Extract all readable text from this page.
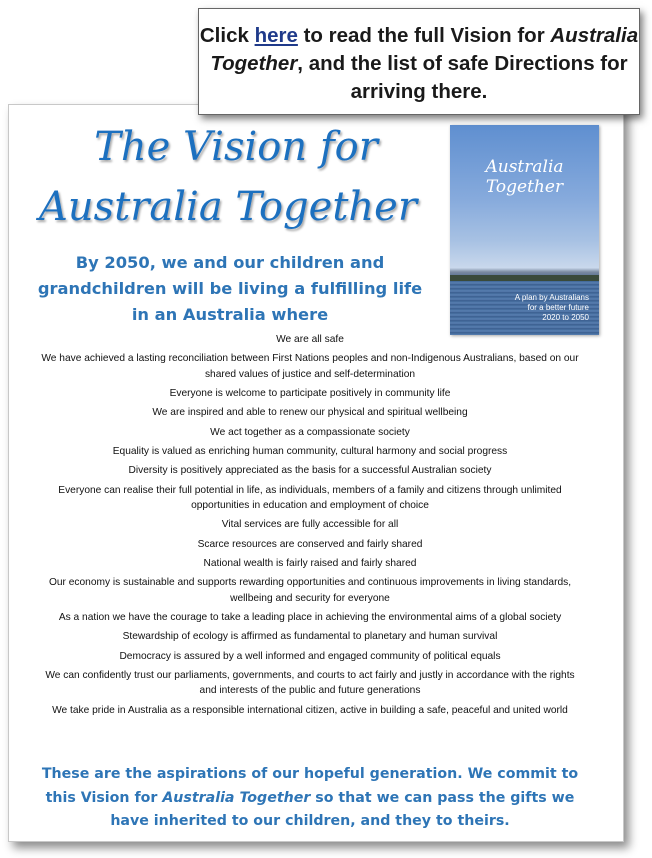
Click here to read the full Vision for Australia Together, and the list of safe Directions for arriving there.
The Vision for
Australia Together
Australia
Together
A plan by Australians
for a better future
2020 to 2050
By 2050, we and our children and grandchildren will be living a fulfilling life in an Australia where
We are all safe
We have achieved a lasting reconciliation between First Nations peoples and non-Indigenous Australians, based on our shared values of justice and self-determination
Everyone is welcome to participate positively in community life
We are inspired and able to renew our physical and spiritual wellbeing
We act together as a compassionate society
Equality is valued as enriching human community, cultural harmony and social progress
Diversity is positively appreciated as the basis for a successful Australian society
Everyone can realise their full potential in life, as individuals, members of a family and citizens through unlimited opportunities in education and employment of choice
Vital services are fully accessible for all
Scarce resources are conserved and fairly shared
National wealth is fairly raised and fairly shared
Our economy is sustainable and supports rewarding opportunities and continuous improvements in living standards, wellbeing and security for everyone
As a nation we have the courage to take a leading place in achieving the environmental aims of a global society
Stewardship of ecology is affirmed as fundamental to planetary and human survival
Democracy is assured by a well informed and engaged community of political equals
We can confidently trust our parliaments, governments, and courts to act fairly and justly in accordance with the rights and interests of the public and future generations
We take pride in Australia as a responsible international citizen, active in building a safe, peaceful and united world
These are the aspirations of our hopeful generation. We commit to this Vision for Australia Together so that we can pass the gifts we have inherited to our children, and they to theirs.
